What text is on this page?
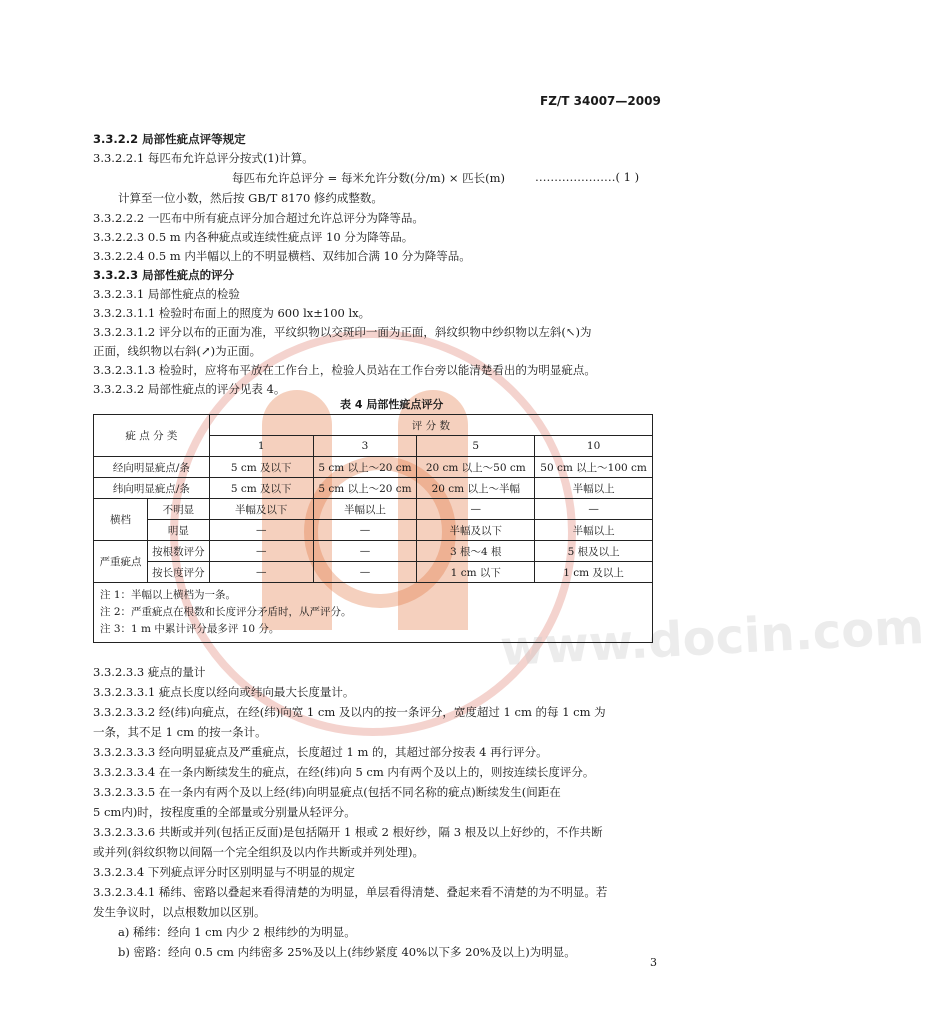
www.docin.com
FZ/T 34007—2009
3.3.2.2 局部性疵点评等规定
3.3.2.2.1 每匹布允许总评分按式(1)计算。
每匹布允许总评分 = 每米允许分数(分/m) × 匹长(m)	…………………( 1 )
计算至一位小数，然后按 GB/T 8170 修约成整数。
3.3.2.2.2 一匹布中所有疵点评分加合超过允许总评分为降等品。
3.3.2.2.3 0.5 m 内各种疵点或连续性疵点评 10 分为降等品。
3.3.2.2.4 0.5 m 内半幅以上的不明显横档、双纬加合满 10 分为降等品。
3.3.2.3 局部性疵点的评分
3.3.2.3.1 局部性疵点的检验
3.3.2.3.1.1 检验时布面上的照度为 600 lx±100 lx。
3.3.2.3.1.2 评分以布的正面为准，平纹织物以交斑印一面为正面，斜纹织物中纱织物以左斜(↖)为
正面，线织物以右斜(↗)为正面。
3.3.2.3.1.3 检验时，应将布平放在工作台上，检验人员站在工作台旁以能清楚看出的为明显疵点。
3.3.2.3.2 局部性疵点的评分见表 4。
表 4 局部性疵点评分
疵 点 分 类		评 分 数			
		1	3	5	10
经向明显疵点/条		5 cm 及以下	5 cm 以上～20 cm	20 cm 以上～50 cm	50 cm 以上～100 cm
纬向明显疵点/条		5 cm 及以下	5 cm 以上～20 cm	20 cm 以上～半幅	半幅以上
横档	不明显	半幅及以下	半幅以上	—	—
	明显	—	—	半幅及以下	半幅以上
严重疵点	按根数评分	—	—	3 根～4 根	5 根及以上
	按长度评分	—	—	1 cm 以下	1 cm 及以上

注 1：半幅以上横档为一条。
注 2：严重疵点在根数和长度评分矛盾时，从严评分。
注 3：1 m 中累计评分最多评 10 分。					
3.3.2.3.3 疵点的量计
3.3.2.3.3.1 疵点长度以经向或纬向最大长度量计。
3.3.2.3.3.2 经(纬)向疵点，在经(纬)向宽 1 cm 及以内的按一条评分，宽度超过 1 cm 的每 1 cm 为
一条，其不足 1 cm 的按一条计。
3.3.2.3.3.3 经向明显疵点及严重疵点，长度超过 1 m 的，其超过部分按表 4 再行评分。
3.3.2.3.3.4 在一条内断续发生的疵点，在经(纬)向 5 cm 内有两个及以上的，则按连续长度评分。
3.3.2.3.3.5 在一条内有两个及以上经(纬)向明显疵点(包括不同名称的疵点)断续发生(间距在
5 cm内)时，按程度重的全部量或分别量从轻评分。
3.3.2.3.3.6 共断或并列(包括正反面)是包括隔开 1 根或 2 根好纱，隔 3 根及以上好纱的，不作共断
或并列(斜纹织物以间隔一个完全组织及以内作共断或并列处理)。
3.3.2.3.4 下列疵点评分时区别明显与不明显的规定
3.3.2.3.4.1 稀纬、密路以叠起来看得清楚的为明显，单层看得清楚、叠起来看不清楚的为不明显。若
发生争议时，以点根数加以区别。
a) 稀纬：经向 1 cm 内少 2 根纬纱的为明显。
b) 密路：经向 0.5 cm 内纬密多 25%及以上(纬纱紧度 40%以下多 20%及以上)为明显。
3
